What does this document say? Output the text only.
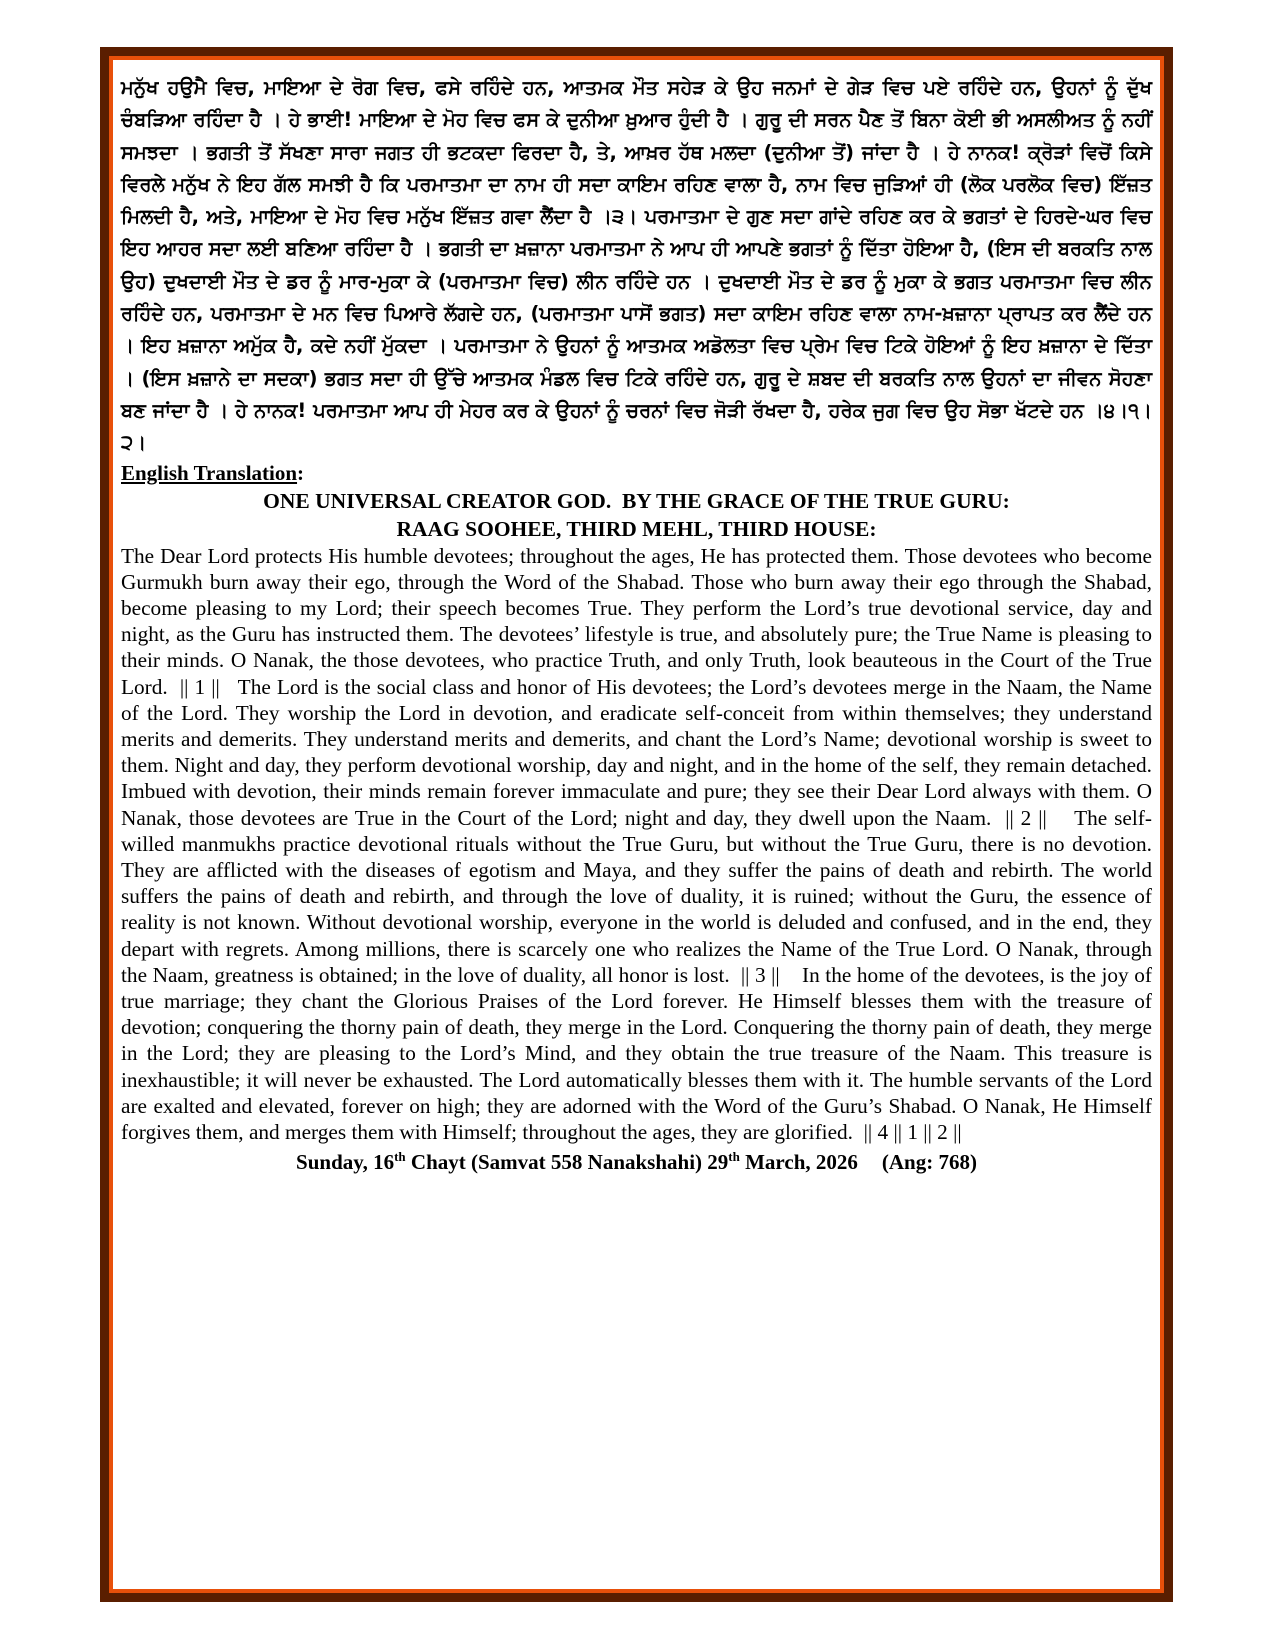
ਮਨੁੱਖ ਹਉਮੈ ਵਿਚ, ਮਾਇਆ ਦੇ ਰੋਗ ਵਿਚ, ਫਸੇ ਰਹਿੰਦੇ ਹਨ, ਆਤਮਕ ਮੌਤ ਸਹੇੜ ਕੇ ਉਹ ਜਨਮਾਂ ਦੇ ਗੇੜ ਵਿਚ ਪਏ ਰਹਿੰਦੇ ਹਨ, ਉਹਨਾਂ ਨੂੰ ਦੁੱਖ ਚੰਬੜਿਆ ਰਹਿੰਦਾ ਹੈ । ਹੇ ਭਾਈ! ਮਾਇਆ ਦੇ ਮੋਹ ਵਿਚ ਫਸ ਕੇ ਦੁਨੀਆ ਖ਼ੁਆਰ ਹੁੰਦੀ ਹੈ । ਗੁਰੂ ਦੀ ਸਰਨ ਪੈਣ ਤੋਂ ਬਿਨਾ ਕੋਈ ਭੀ ਅਸਲੀਅਤ ਨੂੰ ਨਹੀਂ ਸਮਝਦਾ । ਭਗਤੀ ਤੋਂ ਸੱਖਣਾ ਸਾਰਾ ਜਗਤ ਹੀ ਭਟਕਦਾ ਫਿਰਦਾ ਹੈ, ਤੇ, ਆਖ਼ਰ ਹੱਥ ਮਲਦਾ (ਦੁਨੀਆ ਤੋਂ) ਜਾਂਦਾ ਹੈ । ਹੇ ਨਾਨਕ! ਕ੍ਰੋੜਾਂ ਵਿਚੋਂ ਕਿਸੇ ਵਿਰਲੇ ਮਨੁੱਖ ਨੇ ਇਹ ਗੱਲ ਸਮਝੀ ਹੈ ਕਿ ਪਰਮਾਤਮਾ ਦਾ ਨਾਮ ਹੀ ਸਦਾ ਕਾਇਮ ਰਹਿਣ ਵਾਲਾ ਹੈ, ਨਾਮ ਵਿਚ ਜੁੜਿਆਂ ਹੀ (ਲੋਕ ਪਰਲੋਕ ਵਿਚ) ਇੱਜ਼ਤ ਮਿਲਦੀ ਹੈ, ਅਤੇ, ਮਾਇਆ ਦੇ ਮੋਹ ਵਿਚ ਮਨੁੱਖ ਇੱਜ਼ਤ ਗਵਾ ਲੈਂਦਾ ਹੈ ।੩। ਪਰਮਾਤਮਾ ਦੇ ਗੁਣ ਸਦਾ ਗਾਂਦੇ ਰਹਿਣ ਕਰ ਕੇ ਭਗਤਾਂ ਦੇ ਹਿਰਦੇ-ਘਰ ਵਿਚ ਇਹ ਆਹਰ ਸਦਾ ਲਈ ਬਣਿਆ ਰਹਿੰਦਾ ਹੈ । ਭਗਤੀ ਦਾ ਖ਼ਜ਼ਾਨਾ ਪਰਮਾਤਮਾ ਨੇ ਆਪ ਹੀ ਆਪਣੇ ਭਗਤਾਂ ਨੂੰ ਦਿੱਤਾ ਹੋਇਆ ਹੈ, (ਇਸ ਦੀ ਬਰਕਤਿ ਨਾਲ ਉਹ) ਦੁਖਦਾਈ ਮੌਤ ਦੇ ਡਰ ਨੂੰ ਮਾਰ-ਮੁਕਾ ਕੇ (ਪਰਮਾਤਮਾ ਵਿਚ) ਲੀਨ ਰਹਿੰਦੇ ਹਨ । ਦੁਖਦਾਈ ਮੌਤ ਦੇ ਡਰ ਨੂੰ ਮੁਕਾ ਕੇ ਭਗਤ ਪਰਮਾਤਮਾ ਵਿਚ ਲੀਨ ਰਹਿੰਦੇ ਹਨ, ਪਰਮਾਤਮਾ ਦੇ ਮਨ ਵਿਚ ਪਿਆਰੇ ਲੱਗਦੇ ਹਨ, (ਪਰਮਾਤਮਾ ਪਾਸੋਂ ਭਗਤ) ਸਦਾ ਕਾਇਮ ਰਹਿਣ ਵਾਲਾ ਨਾਮ-ਖ਼ਜ਼ਾਨਾ ਪ੍ਰਾਪਤ ਕਰ ਲੈਂਦੇ ਹਨ । ਇਹ ਖ਼ਜ਼ਾਨਾ ਅਮੁੱਕ ਹੈ, ਕਦੇ ਨਹੀਂ ਮੁੱਕਦਾ । ਪਰਮਾਤਮਾ ਨੇ ਉਹਨਾਂ ਨੂੰ ਆਤਮਕ ਅਡੋਲਤਾ ਵਿਚ ਪ੍ਰੇਮ ਵਿਚ ਟਿਕੇ ਹੋਇਆਂ ਨੂੰ ਇਹ ਖ਼ਜ਼ਾਨਾ ਦੇ ਦਿੱਤਾ । (ਇਸ ਖ਼ਜ਼ਾਨੇ ਦਾ ਸਦਕਾ) ਭਗਤ ਸਦਾ ਹੀ ਉੱਚੇ ਆਤਮਕ ਮੰਡਲ ਵਿਚ ਟਿਕੇ ਰਹਿੰਦੇ ਹਨ, ਗੁਰੂ ਦੇ ਸ਼ਬਦ ਦੀ ਬਰਕਤਿ ਨਾਲ ਉਹਨਾਂ ਦਾ ਜੀਵਨ ਸੋਹਣਾ ਬਣ ਜਾਂਦਾ ਹੈ । ਹੇ ਨਾਨਕ! ਪਰਮਾਤਮਾ ਆਪ ਹੀ ਮੇਹਰ ਕਰ ਕੇ ਉਹਨਾਂ ਨੂੰ ਚਰਨਾਂ ਵਿਚ ਜੋੜੀ ਰੱਖਦਾ ਹੈ, ਹਰੇਕ ਜੁਗ ਵਿਚ ਉਹ ਸੋਭਾ ਖੱਟਦੇ ਹਨ ।੪।੧।੨।

English Translation:

ONE UNIVERSAL CREATOR GOD.  BY THE GRACE OF THE TRUE GURU:

RAAG SOOHEE, THIRD MEHL, THIRD HOUSE:

The Dear Lord protects His humble devotees; throughout the ages, He has protected them. Those devotees who become Gurmukh burn away their ego, through the Word of the Shabad. Those who burn away their ego through the Shabad, become pleasing to my Lord; their speech becomes True. They perform the Lord’s true devotional service, day and night, as the Guru has instructed them. The devotees’ lifestyle is true, and absolutely pure; the True Name is pleasing to their minds. O Nanak, the those devotees, who practice Truth, and only Truth, look beauteous in the Court of the True Lord.  || 1 ||   The Lord is the social class and honor of His devotees; the Lord’s devotees merge in the Naam, the Name of the Lord. They worship the Lord in devotion, and eradicate self-conceit from within themselves; they understand merits and demerits. They understand merits and demerits, and chant the Lord’s Name; devotional worship is sweet to them. Night and day, they perform devotional worship, day and night, and in the home of the self, they remain detached. Imbued with devotion, their minds remain forever immaculate and pure; they see their Dear Lord always with them. O Nanak, those devotees are True in the Court of the Lord; night and day, they dwell upon the Naam.  || 2 ||    The self-willed manmukhs practice devotional rituals without the True Guru, but without the True Guru, there is no devotion. They are afflicted with the diseases of egotism and Maya, and they suffer the pains of death and rebirth. The world suffers the pains of death and rebirth, and through the love of duality, it is ruined; without the Guru, the essence of reality is not known. Without devotional worship, everyone in the world is deluded and confused, and in the end, they depart with regrets. Among millions, there is scarcely one who realizes the Name of the True Lord. O Nanak, through the Naam, greatness is obtained; in the love of duality, all honor is lost.  || 3 ||    In the home of the devotees, is the joy of true marriage; they chant the Glorious Praises of the Lord forever. He Himself blesses them with the treasure of devotion; conquering the thorny pain of death, they merge in the Lord. Conquering the thorny pain of death, they merge in the Lord; they are pleasing to the Lord’s Mind, and they obtain the true treasure of the Naam. This treasure is inexhaustible; it will never be exhausted. The Lord automatically blesses them with it. The humble servants of the Lord are exalted and elevated, forever on high; they are adorned with the Word of the Guru’s Shabad. O Nanak, He Himself forgives them, and merges them with Himself; throughout the ages, they are glorified.  || 4 || 1 || 2 ||

Sunday, 16th Chayt (Samvat 558 Nanakshahi) 29th March, 2026 (Ang: 768)
